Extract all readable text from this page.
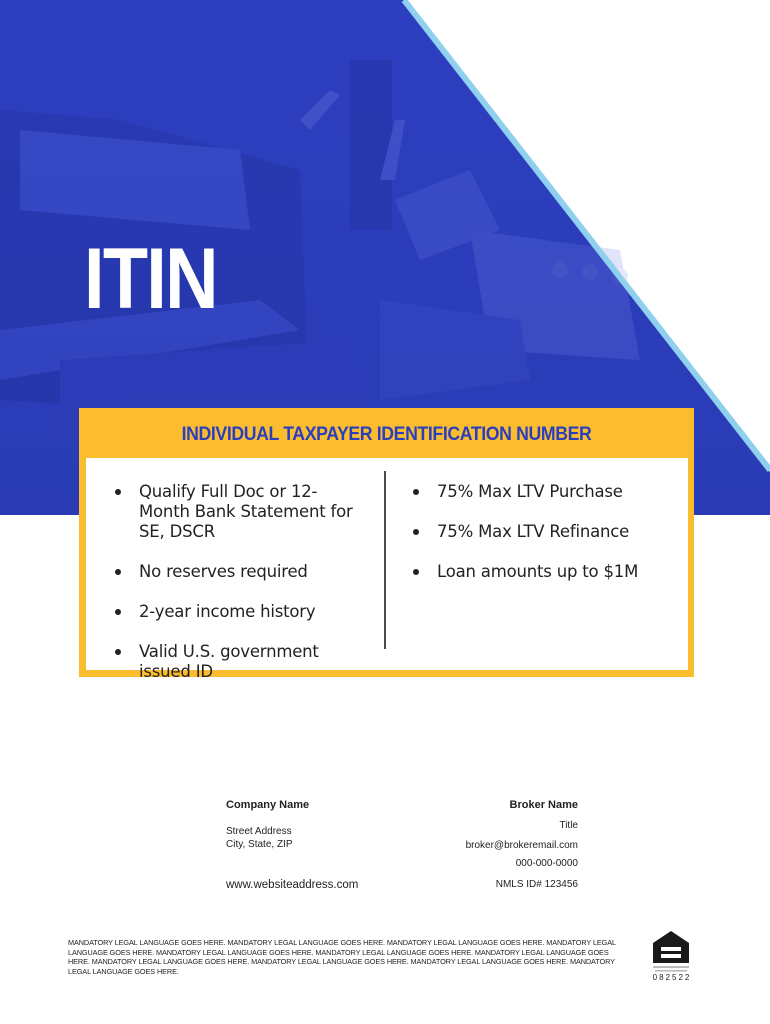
ITIN
INDIVIDUAL TAXPAYER IDENTIFICATION NUMBER
Qualify Full Doc or 12-Month Bank Statement for SE, DSCR
No reserves required
2-year income history
Valid U.S. government issued ID
75% Max LTV Purchase
75% Max LTV Refinance
Loan amounts up to $1M
Company Name
Street Address
City, State, ZIP
www.websiteaddress.com
Broker Name
Title
broker@brokeremail.com
000-000-0000
NMLS ID# 123456
MANDATORY LEGAL LANGUAGE GOES HERE. MANDATORY LEGAL LANGUAGE GOES HERE. MANDATORY LEGAL LANGUAGE GOES HERE. MANDATORY LEGAL LANGUAGE GOES HERE. MANDATORY LEGAL LANGUAGE GOES HERE. MANDATORY LEGAL LANGUAGE GOES HERE. MANDATORY LEGAL LANGUAGE GOES HERE. MANDATORY LEGAL LANGUAGE GOES HERE. MANDATORY LEGAL LANGUAGE GOES HERE. MANDATORY LEGAL LANGUAGE GOES HERE. MANDATORY LEGAL LANGUAGE GOES HERE.
082522
